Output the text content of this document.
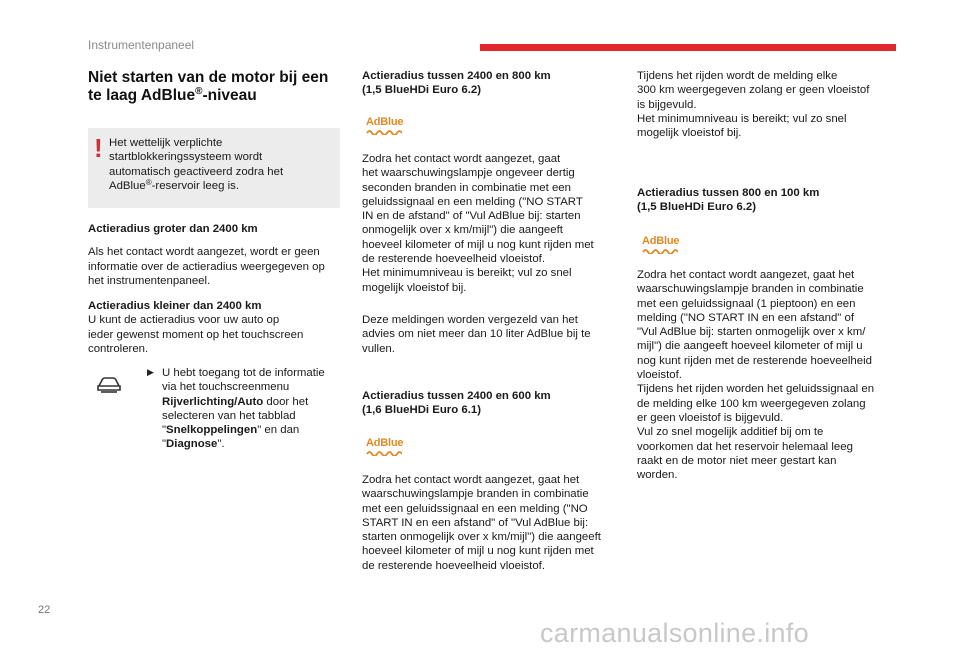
Instrumentenpaneel
Niet starten van de motor bij een
te laag AdBlue®-niveau
! Het wettelijk verplichte

startblokkeringssysteem wordt

automatisch geactiveerd zodra het

AdBlue®-reservoir leeg is.

Actieradius groter dan 2400 km

Als het contact wordt aangezet, wordt er geen

informatie over de actieradius weergegeven op

het instrumentenpaneel.

Actieradius kleiner dan 2400 km

U kunt de actieradius voor uw auto op

ieder gewenst moment op het touchscreen

controleren.

▶ U hebt toegang tot de informatie

via het touchscreenmenu

Rijverlichting/Auto door het

selecteren van het tabblad

"Snelkoppelingen" en dan

"Diagnose".

Actieradius tussen 2400 en 800 km

(1,5 BlueHDi Euro 6.2)

AdBlue

Zodra het contact wordt aangezet, gaat

het waarschuwingslampje ongeveer dertig

seconden branden in combinatie met een

geluidssignaal en een melding ("NO START

IN en de afstand" of "Vul AdBlue bij: starten

onmogelijk over x km/mijl") die aangeeft

hoeveel kilometer of mijl u nog kunt rijden met

de resterende hoeveelheid vloeistof.

Het minimumniveau is bereikt; vul zo snel

mogelijk vloeistof bij.

Deze meldingen worden vergezeld van het

advies om niet meer dan 10 liter AdBlue bij te

vullen.

Actieradius tussen 2400 en 600 km

(1,6 BlueHDi Euro 6.1)

AdBlue

Zodra het contact wordt aangezet, gaat het

waarschuwingslampje branden in combinatie

met een geluidssignaal en een melding ("NO

START IN en een afstand" of "Vul AdBlue bij:

starten onmogelijk over x km/mijl") die aangeeft

hoeveel kilometer of mijl u nog kunt rijden met

de resterende hoeveelheid vloeistof.

Tijdens het rijden wordt de melding elke

300 km weergegeven zolang er geen vloeistof

is bijgevuld.

Het minimumniveau is bereikt; vul zo snel

mogelijk vloeistof bij.

Actieradius tussen 800 en 100 km

(1,5 BlueHDi Euro 6.2)

AdBlue

Zodra het contact wordt aangezet, gaat het

waarschuwingslampje branden in combinatie

met een geluidssignaal (1 pieptoon) en een

melding ("NO START IN en een afstand" of

"Vul AdBlue bij: starten onmogelijk over x km/

mijl") die aangeeft hoeveel kilometer of mijl u

nog kunt rijden met de resterende hoeveelheid

vloeistof.

Tijdens het rijden worden het geluidssignaal en

de melding elke 100 km weergegeven zolang

er geen vloeistof is bijgevuld.

Vul zo snel mogelijk additief bij om te

voorkomen dat het reservoir helemaal leeg

raakt en de motor niet meer gestart kan

worden.

22
carmanualsonline.info
